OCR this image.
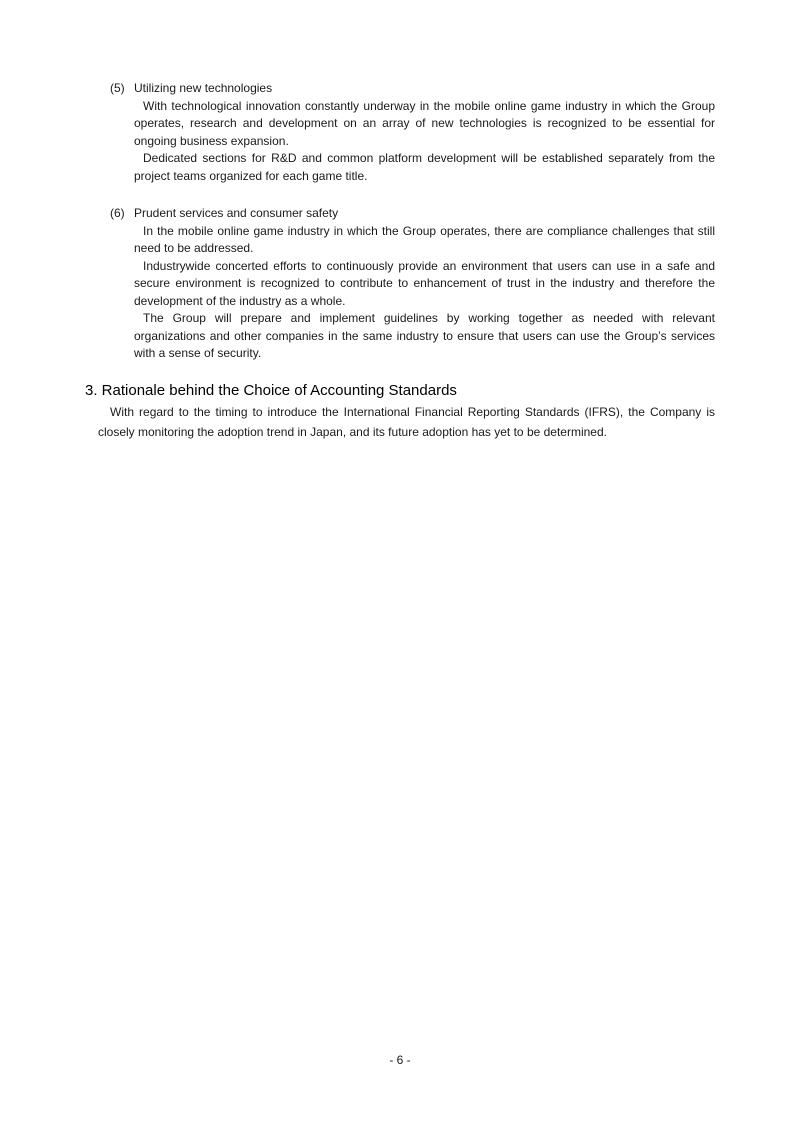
(5) Utilizing new technologies

With technological innovation constantly underway in the mobile online game industry in which the Group operates, research and development on an array of new technologies is recognized to be essential for ongoing business expansion.

Dedicated sections for R&D and common platform development will be established separately from the project teams organized for each game title.

(6) Prudent services and consumer safety

In the mobile online game industry in which the Group operates, there are compliance challenges that still need to be addressed.

Industrywide concerted efforts to continuously provide an environment that users can use in a safe and secure environment is recognized to contribute to enhancement of trust in the industry and therefore the development of the industry as a whole.

The Group will prepare and implement guidelines by working together as needed with relevant organizations and other companies in the same industry to ensure that users can use the Group’s services with a sense of security.

3. Rationale behind the Choice of Accounting Standards

With regard to the timing to introduce the International Financial Reporting Standards (IFRS), the Company is closely monitoring the adoption trend in Japan, and its future adoption has yet to be determined.

- 6 -
